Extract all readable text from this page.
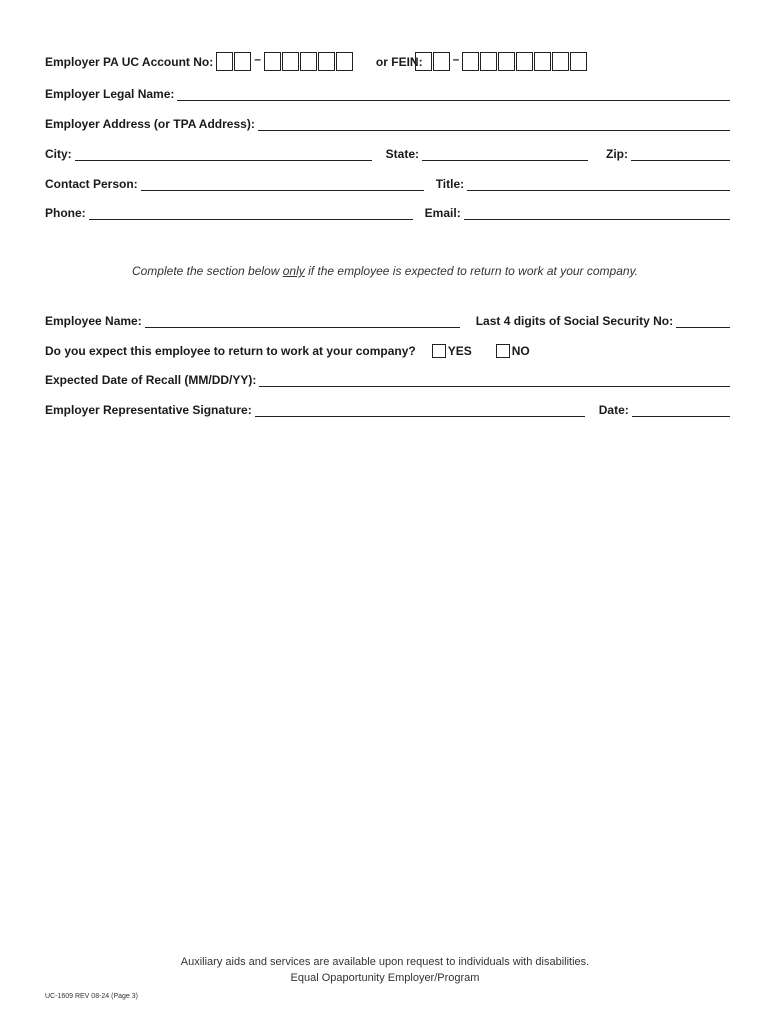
Employer PA UC Account No:	–	or FEIN:	–
Employer Legal Name:
Employer Address (or TPA Address):
City:	State:	Zip:
Contact Person:	Title:
Phone:	Email:
Complete the section below only if the employee is expected to return to work at your company.
Employee Name:	Last 4 digits of Social Security No:
Do you expect this employee to return to work at your company?	YES	NO
Expected Date of Recall (MM/DD/YY):
Employer Representative Signature:	Date:
Auxiliary aids and services are available upon request to individuals with disabilities.
Equal Opaportunity Employer/Program
UC-1609 REV 08-24 (Page 3)
